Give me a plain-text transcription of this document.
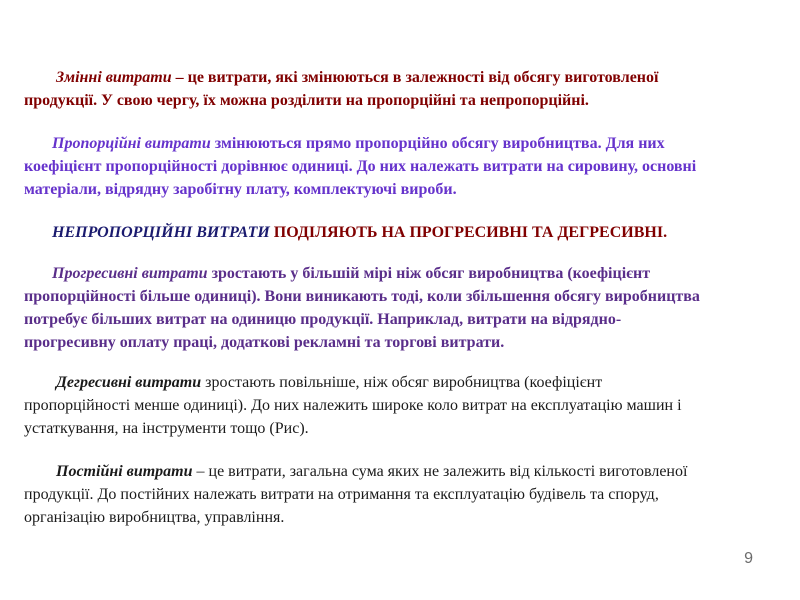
Змінні витрати – це витрати, які змінюються в залежності від обсягу виготовленої
продукції. У свою чергу, їх можна розділити на пропорційні та непропорційні.

Пропорційні витрати змінюються прямо пропорційно обсягу виробництва. Для них
коефіцієнт пропорційності дорівнює одиниці. До них належать витрати на сировину, основні
матеріали, відрядну заробітну плату, комплектуючі вироби.

НЕПРОПОРЦІЙНІ ВИТРАТИ ПОДІЛЯЮТЬ НА ПРОГРЕСИВНІ ТА ДЕГРЕСИВНІ.

Прогресивні витрати зростають у більшій мірі ніж обсяг виробництва (коефіцієнт
пропорційності більше одиниці). Вони виникають тоді, коли збільшення обсягу виробництва
потребує більших витрат на одиницю продукції. Наприклад, витрати на відрядно-
прогресивну оплату праці, додаткові рекламні та торгові витрати.

Дегресивні витрати зростають повільніше, ніж обсяг виробництва (коефіцієнт
пропорційності менше одиниці). До них належить широке коло витрат на експлуатацію машин і
устаткування, на інструменти тощо (Рис).

Постійні витрати – це витрати, загальна сума яких не залежить від кількості виготовленої
продукції. До постійних належать витрати на отримання та експлуатацію будівель та споруд,
організацію виробництва, управління.

9
